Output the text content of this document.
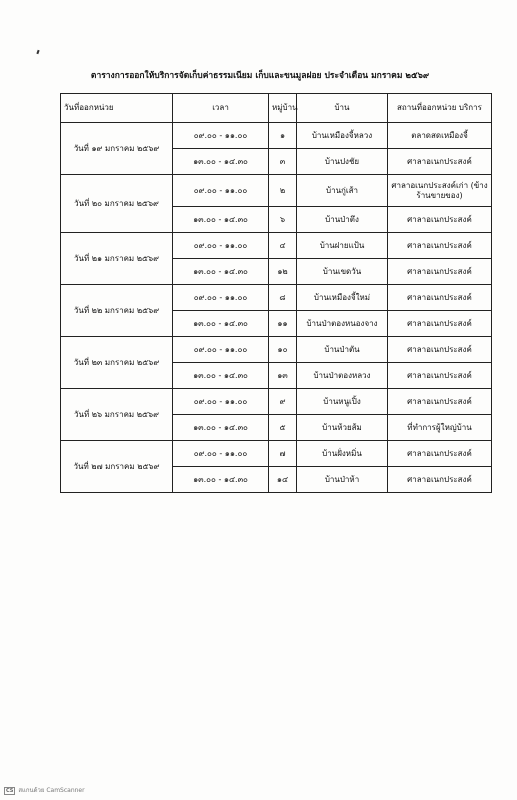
ตารางการออกให้บริการจัดเก็บค่าธรรมเนียม เก็บและขนมูลฝอย ประจำเดือน มกราคม ๒๕๖๙
วันที่ออกหน่วย	เวลา	หมู่บ้าน	บ้าน	สถานที่ออกหน่วย บริการ
วันที่ ๑๙ มกราคม ๒๕๖๙	๐๙.๐๐ - ๑๑.๐๐	๑	บ้านเหมืองจี้หลวง	ตลาดสดเหมืองจี้
	๑๓.๐๐ - ๑๔.๓๐	๓	บ้านปงชัย	ศาลาอเนกประสงค์
วันที่ ๒๐ มกราคม ๒๕๖๙	๐๙.๐๐ - ๑๑.๐๐	๒	บ้านกู่เส้า	ศาลาอเนกประสงค์เก่า (ข้างร้านขายของ)
	๑๓.๐๐ - ๑๔.๓๐	๖	บ้านป่าตึง	ศาลาอเนกประสงค์
วันที่ ๒๑ มกราคม ๒๕๖๙	๐๙.๐๐ - ๑๑.๐๐	๔	บ้านฝายแป้น	ศาลาอเนกประสงค์
	๑๓.๐๐ - ๑๔.๓๐	๑๒	บ้านเขดวัน	ศาลาอเนกประสงค์
วันที่ ๒๒ มกราคม ๒๕๖๙	๐๙.๐๐ - ๑๑.๐๐	๘	บ้านเหมืองจี้ใหม่	ศาลาอเนกประสงค์
	๑๓.๐๐ - ๑๔.๓๐	๑๑	บ้านป่าตองหนองจาง	ศาลาอเนกประสงค์
วันที่ ๒๓ มกราคม ๒๕๖๙	๐๙.๐๐ - ๑๑.๐๐	๑๐	บ้านป่าตัน	ศาลาอเนกประสงค์
	๑๓.๐๐ - ๑๔.๓๐	๑๓	บ้านป่าตองหลวง	ศาลาอเนกประสงค์
วันที่ ๒๖ มกราคม ๒๕๖๙	๐๙.๐๐ - ๑๑.๐๐	๙	บ้านหนูเปิ้ง	ศาลาอเนกประสงค์
	๑๓.๐๐ - ๑๔.๓๐	๕	บ้านห้วยส้ม	ที่ทำการผู้ใหญ่บ้าน
วันที่ ๒๗ มกราคม ๒๕๖๙	๐๙.๐๐ - ๑๑.๐๐	๗	บ้านฝั่งหมิ่น	ศาลาอเนกประสงค์
	๑๓.๐๐ - ๑๔.๓๐	๑๔	บ้านป่าห้า	ศาลาอเนกประสงค์
CS สแกนด้วย CamScanner
